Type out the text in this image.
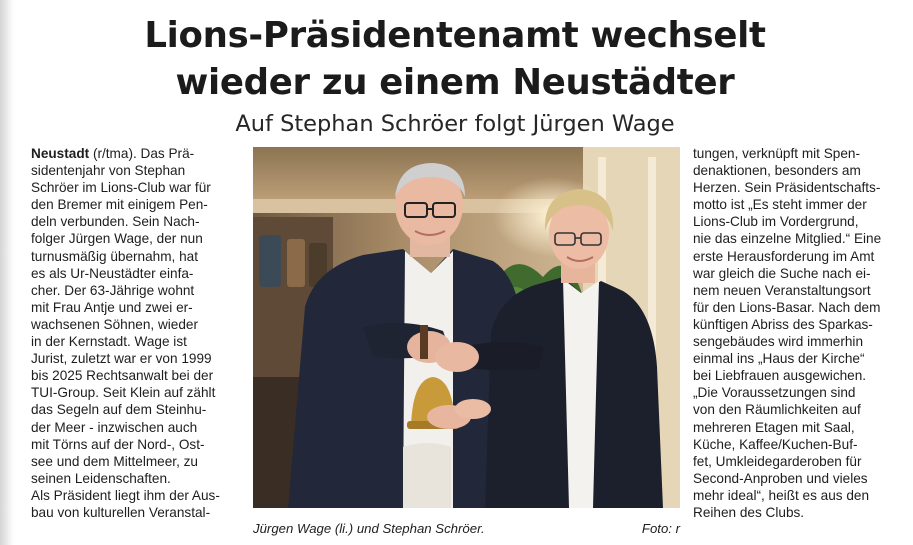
Lions-Präsidentenamt wechselt
wieder zu einem Neustädter
Auf Stephan Schröer folgt Jürgen Wage

Neustadt (r/tma). Das Prä-
sidentenjahr von Stephan
Schröer im Lions-Club war für
den Bremer mit einigem Pen-
deln verbunden. Sein Nach-
folger Jürgen Wage, der nun
turnusmäßig übernahm, hat
es als Ur-Neustädter einfa-
cher. Der 63-Jährige wohnt
mit Frau Antje und zwei er-
wachsenen Söhnen, wieder
in der Kernstadt. Wage ist
Jurist, zuletzt war er von 1999
bis 2025 Rechtsanwalt bei der
TUI-Group. Seit Klein auf zählt
das Segeln auf dem Steinhu-
der Meer - inzwischen auch
mit Törns auf der Nord-, Ost-
see und dem Mittelmeer, zu
seinen Leidenschaften.
Als Präsident liegt ihm der Aus-
bau von kulturellen Veranstal-

Jürgen Wage (li.) und Stephan Schröer.	Foto: r

tungen, verknüpft mit Spen-
denaktionen, besonders am
Herzen. Sein Präsidentschafts-
motto ist „Es steht immer der
Lions-Club im Vordergrund,
nie das einzelne Mitglied.“ Eine
erste Herausforderung im Amt
war gleich die Suche nach ei-
nem neuen Veranstaltungsort
für den Lions-Basar. Nach dem
künftigen Abriss des Sparkas-
sengebäudes wird immerhin
einmal ins „Haus der Kirche“
bei Liebfrauen ausgewichen.
„Die Voraussetzungen sind
von den Räumlichkeiten auf
mehreren Etagen mit Saal,
Küche, Kaffee/Kuchen-Buf-
fet, Umkleidegarderoben für
Second-Anproben und vieles
mehr ideal“, heißt es aus den
Reihen des Clubs.
